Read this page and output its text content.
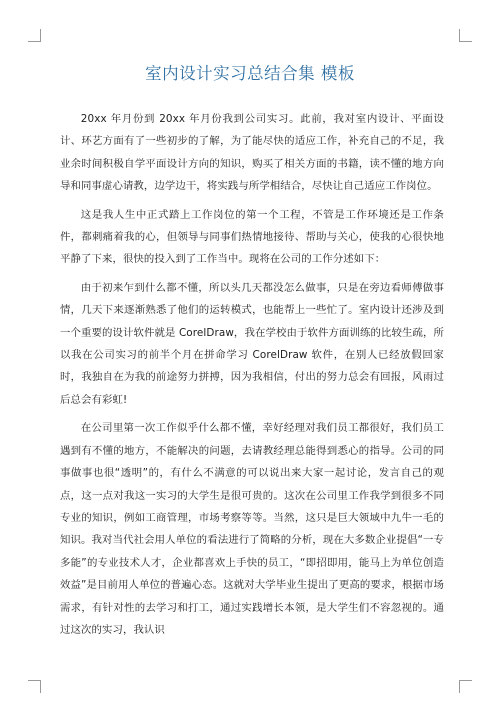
室内设计实习总结合集 模板

20xx 年月份到 20xx 年月份我到公司实习。此前，我对室内设计、平面设计、环艺方面有了一些初步的了解，为了能尽快的适应工作，补充自己的不足，我业余时间积极自学平面设计方向的知识，购买了相关方面的书籍，读不懂的地方向导和同事虚心请教，边学边干，将实践与所学相结合，尽快让自己适应工作岗位。

这是我人生中正式踏上工作岗位的第一个工程，不管是工作环境还是工作条件，都刺痛着我的心，但领导与同事们热情地接待、帮助与关心，使我的心很快地平静了下来，很快的投入到了工作当中。现将在公司的工作分述如下：

由于初来乍到什么都不懂，所以头几天都没怎么做事，只是在旁边看师傅做事情，几天下来逐渐熟悉了他们的运转模式，也能帮上一些忙了。室内设计还涉及到一个重要的设计软件就是 CorelDraw，我在学校由于软件方面训练的比较生疏，所以我在公司实习的前半个月在拼命学习 CorelDraw 软件，在别人已经放假回家时，我独自在为我的前途努力拼搏，因为我相信，付出的努力总会有回报，风雨过后总会有彩虹!

在公司里第一次工作似乎什么都不懂，幸好经理对我们员工都很好，我们员工遇到有不懂的地方，不能解决的问题，去请教经理总能得到悉心的指导。公司的同事做事也很“透明”的，有什么不满意的可以说出来大家一起讨论，发言自己的观点，这一点对我这一实习的大学生是很可贵的。这次在公司里工作我学到很多不同专业的知识，例如工商管理，市场考察等等。当然，这只是巨大领域中九牛一毛的知识。我对当代社会用人单位的看法进行了简略的分析，现在大多数企业提倡“一专多能”的专业技术人才，企业都喜欢上手快的员工，“即招即用，能马上为单位创造效益”是目前用人单位的普遍心态。这就对大学毕业生提出了更高的要求，根据市场需求，有针对性的去学习和打工，通过实践增长本领，是大学生们不容忽视的。通过这次的实习，我认识
